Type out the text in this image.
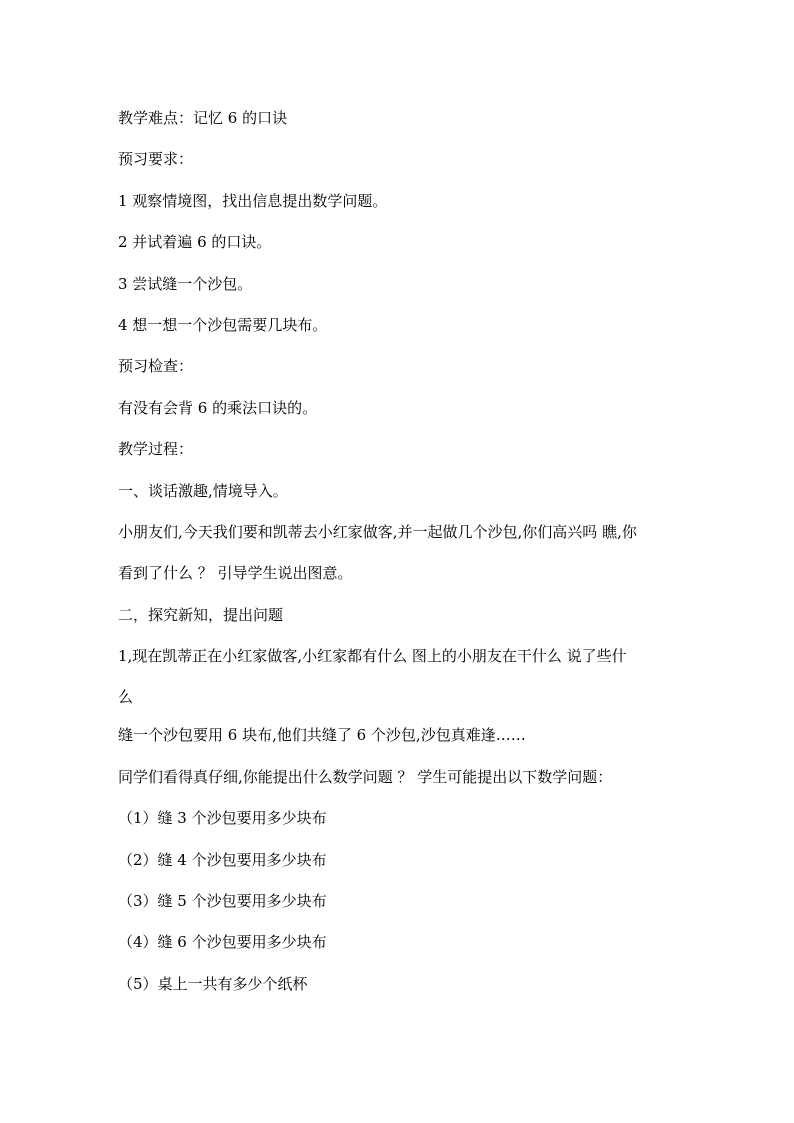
教学难点：记忆 6 的口诀

预习要求：

1 观察情境图，找出信息提出数学问题。

2 并试着遍 6 的口诀。

3 尝试缝一个沙包。

4 想一想一个沙包需要几块布。

预习检查：

有没有会背 6 的乘法口诀的。

教学过程：

一、谈话激趣,情境导入。

小朋友们,今天我们要和凯蒂去小红家做客,并一起做几个沙包,你们高兴吗 瞧,你

看到了什么 ？ 引导学生说出图意。

二，探究新知，提出问题

1,现在凯蒂正在小红家做客,小红家都有什么 图上的小朋友在干什么 说了些什

么

缝一个沙包要用 6 块布,他们共缝了 6 个沙包,沙包真难逢……

同学们看得真仔细,你能提出什么数学问题 ？ 学生可能提出以下数学问题：

（1）缝 3 个沙包要用多少块布

（2）缝 4 个沙包要用多少块布

（3）缝 5 个沙包要用多少块布

（4）缝 6 个沙包要用多少块布

（5）桌上一共有多少个纸杯
